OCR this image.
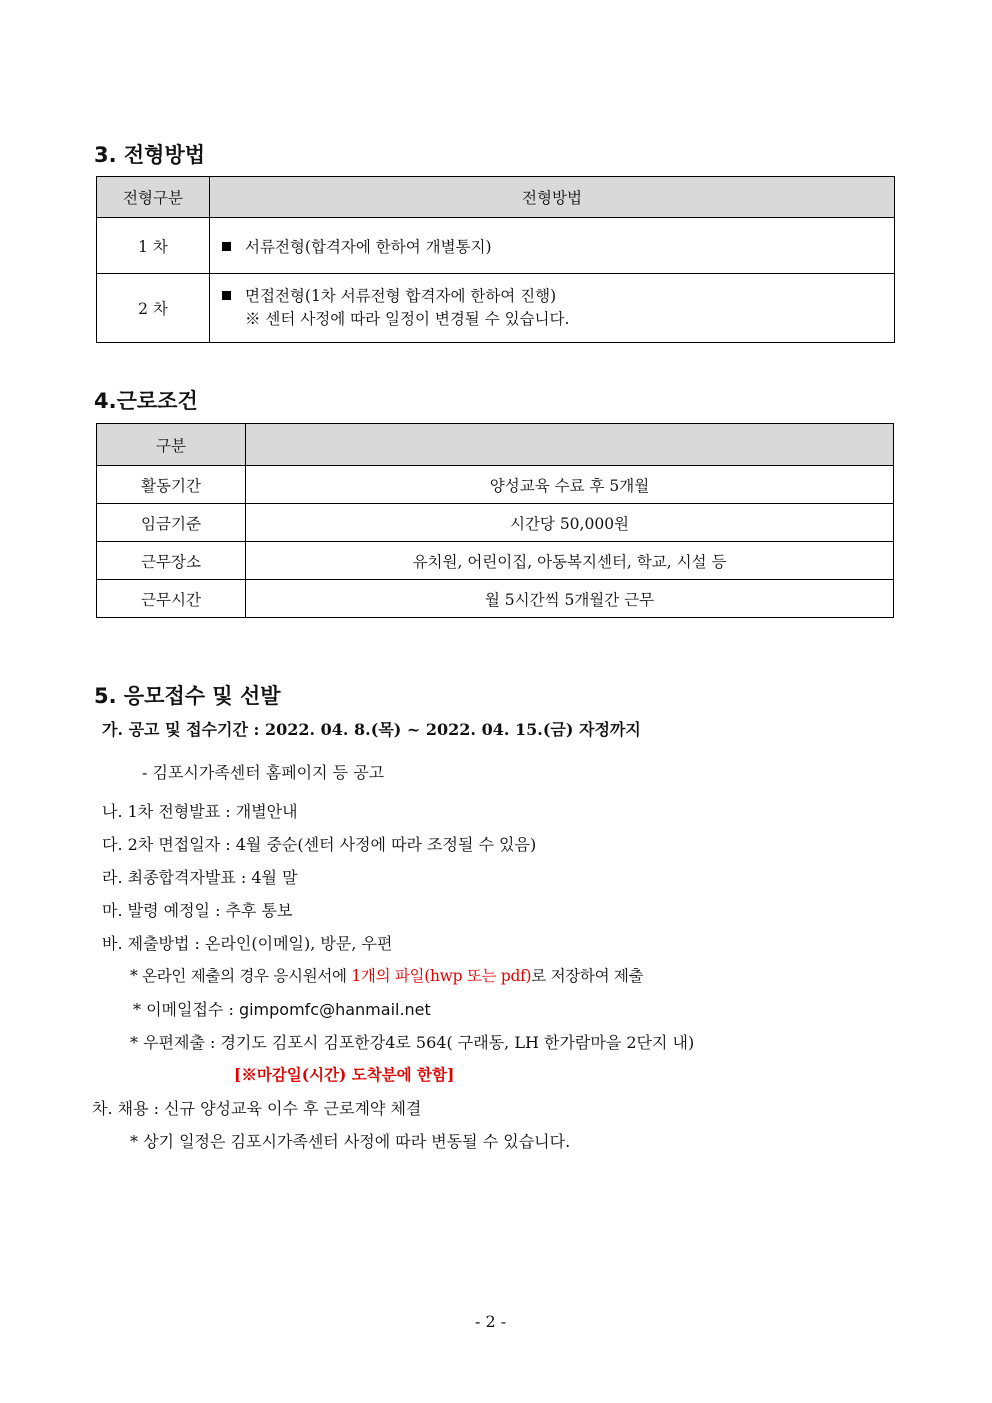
3. 전형방법
전형구분	전형방법
1 차	서류전형(합격자에 한하여 개별통지)
2 차	면접전형(1차 서류전형 합격자에 한하여 진행)
※ 센터 사정에 따라 일정이 변경될 수 있습니다.
4.근로조건
구분	
활동기간	양성교육 수료 후 5개월
임금기준	시간당 50,000원
근무장소	유치원, 어린이집, 아동복지센터, 학교, 시설 등
근무시간	월 5시간씩 5개월간 근무
5. 응모접수 및 선발

가. 공고 및 접수기간 : 2022. 04. 8.(목) ~ 2022. 04. 15.(금) 자정까지

- 김포시가족센터 홈페이지 등 공고

나. 1차 전형발표 : 개별안내

다. 2차 면접일자 : 4월 중순(센터 사정에 따라 조정될 수 있음)

라. 최종합격자발표 : 4월 말

마. 발령 예정일 : 추후 통보

바. 제출방법 : 온라인(이메일), 방문, 우편

* 온라인 제출의 경우 응시원서에 1개의 파일(hwp 또는 pdf)로 저장하여 제출

* 이메일접수 : gimpomfc@hanmail.net

* 우편제출 : 경기도 김포시 김포한강4로 564( 구래동, LH 한가람마을 2단지 내)

[※마감일(시간) 도착분에 한함]

차. 채용 : 신규 양성교육 이수 후 근로계약 체결

* 상기 일정은 김포시가족센터 사정에 따라 변동될 수 있습니다.

- 2 -
